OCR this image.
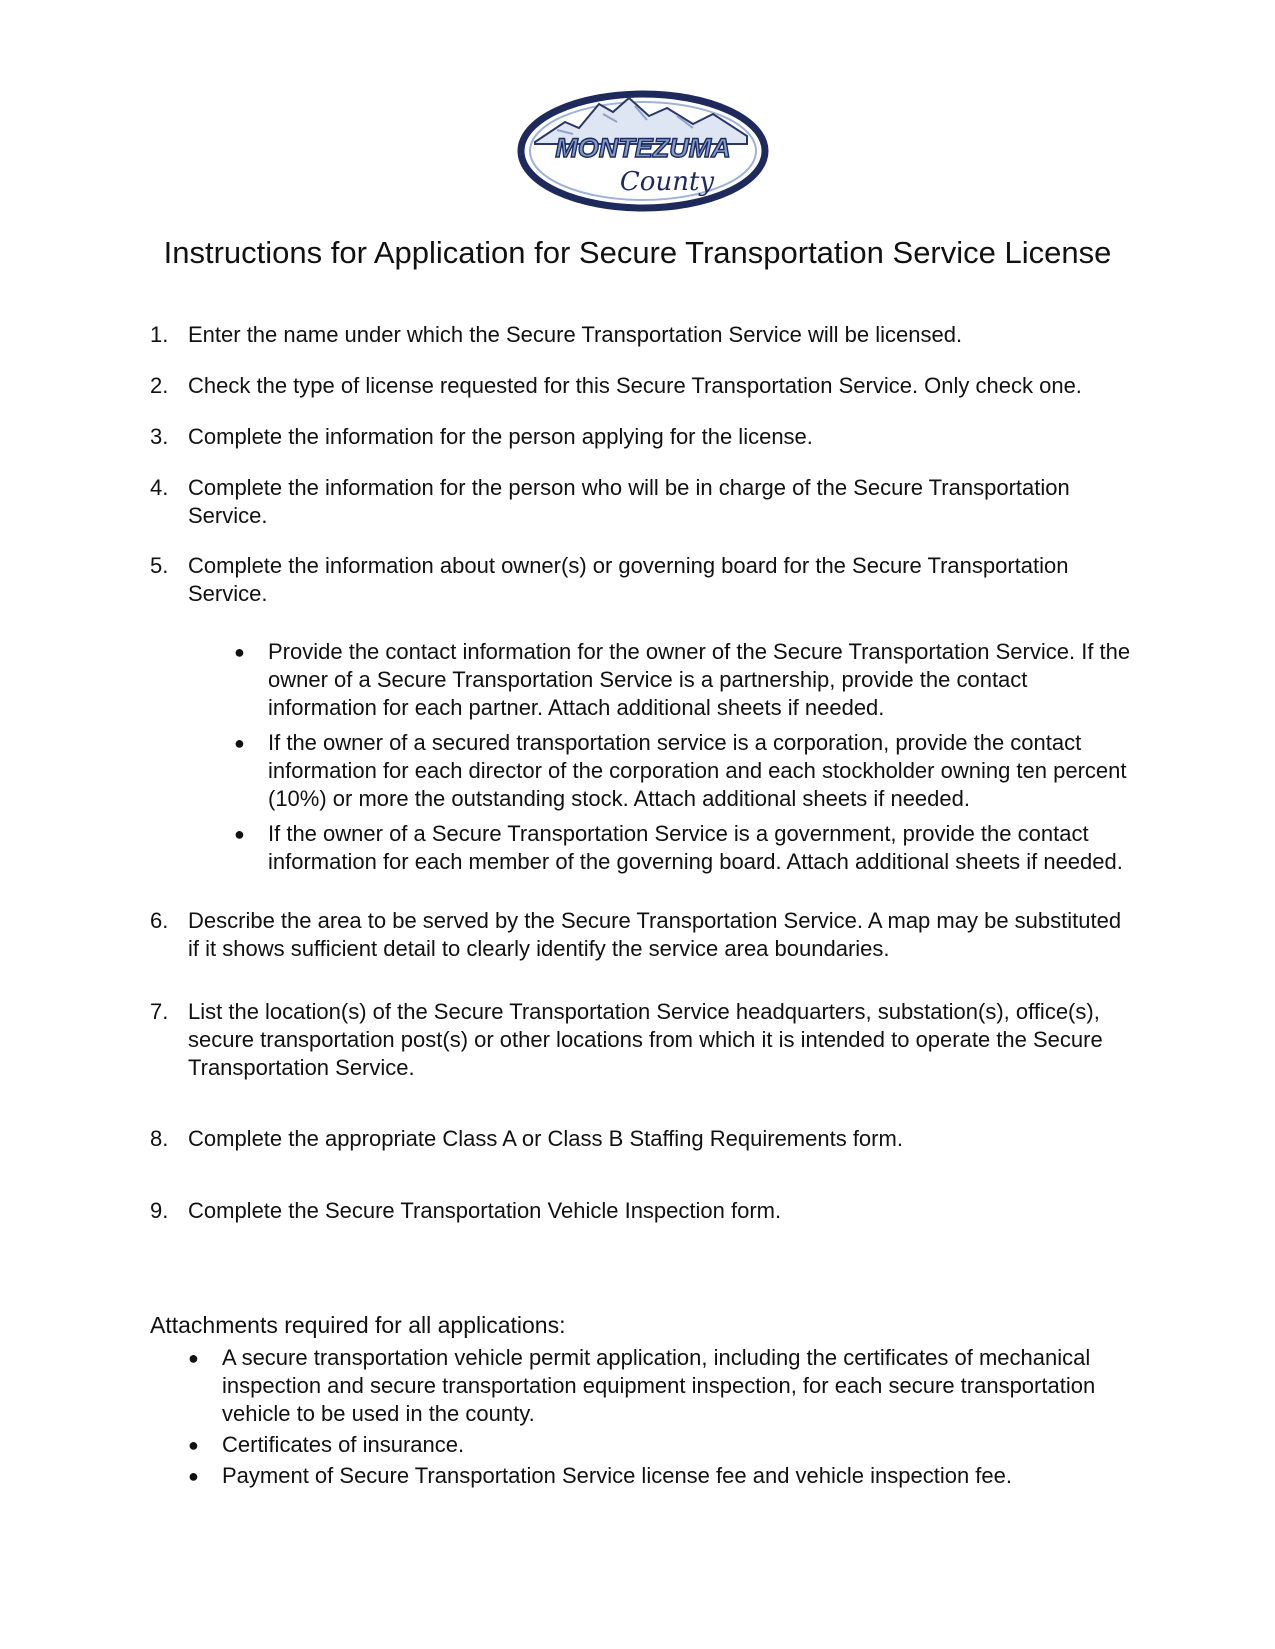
MONTEZUMA
County
Instructions for Application for Secure Transportation Service License
1. Enter the name under which the Secure Transportation Service will be licensed.
2. Check the type of license requested for this Secure Transportation Service. Only check one.
3. Complete the information for the person applying for the license.
4. Complete the information for the person who will be in charge of the Secure Transportation Service.
5. Complete the information about owner(s) or governing board for the Secure Transportation Service.
● Provide the contact information for the owner of the Secure Transportation Service. If the owner of a Secure Transportation Service is a partnership, provide the contact information for each partner. Attach additional sheets if needed.
● If the owner of a secured transportation service is a corporation, provide the contact information for each director of the corporation and each stockholder owning ten percent (10%) or more the outstanding stock. Attach additional sheets if needed.
● If the owner of a Secure Transportation Service is a government, provide the contact information for each member of the governing board. Attach additional sheets if needed.
6. Describe the area to be served by the Secure Transportation Service. A map may be substituted if it shows sufficient detail to clearly identify the service area boundaries.
7. List the location(s) of the Secure Transportation Service headquarters, substation(s), office(s), secure transportation post(s) or other locations from which it is intended to operate the Secure Transportation Service.
8. Complete the appropriate Class A or Class B Staffing Requirements form.
9. Complete the Secure Transportation Vehicle Inspection form.
Attachments required for all applications:
● A secure transportation vehicle permit application, including the certificates of mechanical inspection and secure transportation equipment inspection, for each secure transportation vehicle to be used in the county.
● Certificates of insurance.
● Payment of Secure Transportation Service license fee and vehicle inspection fee.
